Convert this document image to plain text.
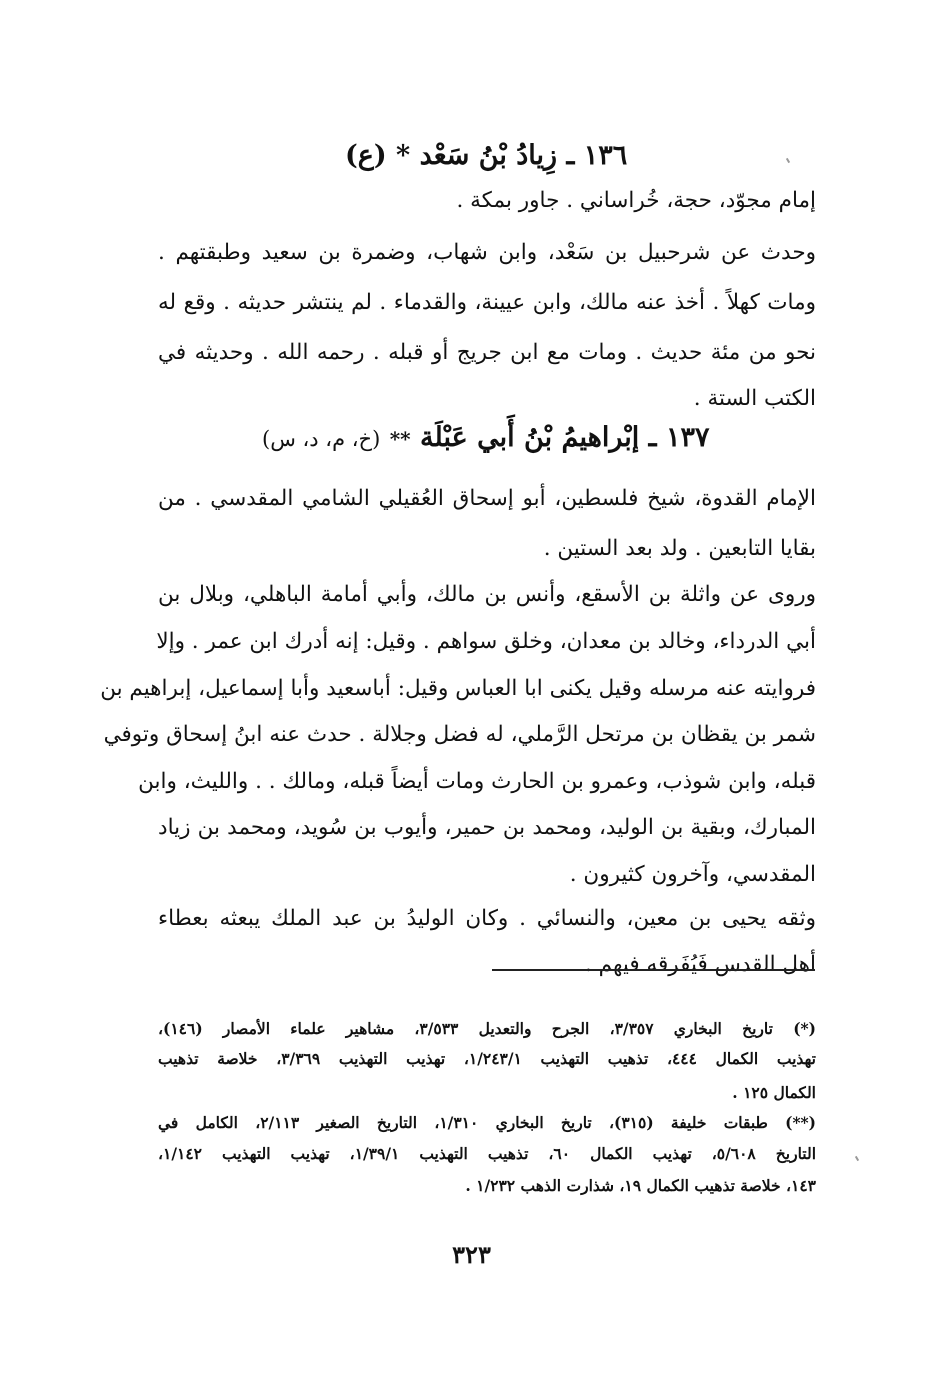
١٣٦ ـ زِيادُ بْنُ سَعْد * (ع)
إمام مجوّد، حجة، خُراساني . جاور بمكة .
وحدث عن شرحبيل بن سَعْد، وابن شهاب، وضمرة بن سعيد وطبقتهم .
ومات كهلاً . أخذ عنه مالك، وابن عيينة، والقدماء . لم ينتشر حديثه . وقع له
نحو من مئة حديث . ومات مع ابن جريج أو قبله . رحمه الله . وحديثه في
الكتب الستة .
١٣٧ ـ إبْراهيمُ بْنُ أَبي عَبْلَة ** (خ، م، د، س)
الإمام القدوة، شيخ فلسطين، أبو إسحاق العُقيلي الشامي المقدسي . من
بقايا التابعين . ولد بعد الستين .
وروى عن واثلة بن الأسقع، وأنس بن مالك، وأبي أمامة الباهلي، وبلال بن
أبي الدرداء، وخالد بن معدان، وخلق سواهم . وقيل: إنه أدرك ابن عمر . وإلا
فروايته عنه مرسله وقيل يكنى ابا العباس وقيل: أباسعيد وأبا إسماعيل، إبراهيم بن
شمر بن يقظان بن مرتحل الرَّملي، له فضل وجلالة . حدث عنه ابنُ إسحاق وتوفي
قبله، وابن شوذب، وعمرو بن الحارث ومات أيضاً قبله، ومالك . . والليث، وابن
المبارك، وبقية بن الوليد، ومحمد بن حمير، وأيوب بن سُويد، ومحمد بن زياد
المقدسي، وآخرون كثيرون .
وثقه يحيى بن معين، والنسائي . وكان الوليدُ بن عبد الملك يبعثه بعطاء
أهل القدس فَيُفَرقه فيهم .
(*) تاريخ البخاري ٣/٣٥٧، الجرح والتعديل ٣/٥٣٣، مشاهير علماء الأمصار (١٤٦)،
تهذيب الكمال ٤٤٤، تذهيب التهذيب ١/٢٤٣/١، تهذيب التهذيب ٣/٣٦٩، خلاصة تذهيب
الكمال ١٢٥ .
(**) طبقات خليفة (٣١٥)، تاريخ البخاري ١/٣١٠، التاريخ الصغير ٢/١١٣، الكامل في
التاريخ ٥/٦٠٨، تهذيب الكمال ٦٠، تذهيب التهذيب ١/٣٩/١، تهذيب التهذيب ١/١٤٢،
١٤٣، خلاصة تذهيب الكمال ١٩، شذارت الذهب ١/٢٣٢ .
٣٢٣
